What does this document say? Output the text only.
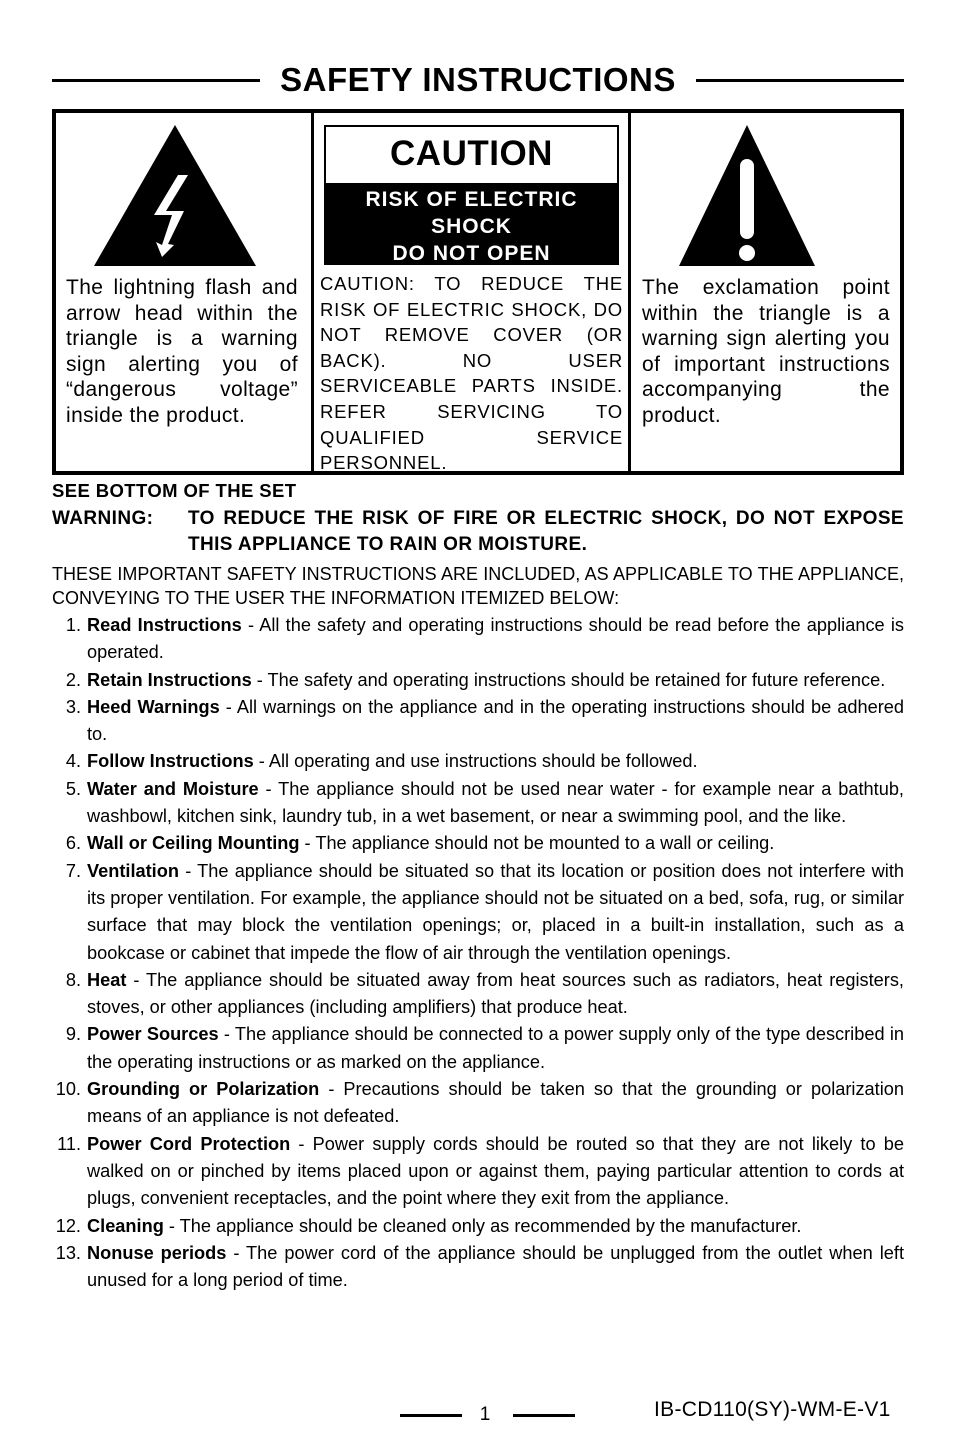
SAFETY INSTRUCTIONS
The lightning flash and arrow head within the triangle is a warning sign alerting you of “dangerous voltage” inside the product.
CAUTION
RISK OF ELECTRIC
SHOCK
DO NOT OPEN
CAUTION: TO REDUCE THE RISK OF ELECTRIC SHOCK, DO NOT REMOVE COVER (OR BACK). NO USER SERVICEABLE PARTS INSIDE. REFER SERVICING TO QUALIFIED SERVICE PERSONNEL.
The exclamation point within the triangle is a warning sign alerting you of important instructions accompanying the product.
SEE BOTTOM OF THE SET
WARNING:	TO REDUCE THE RISK OF FIRE OR ELECTRIC SHOCK, DO NOT EXPOSE THIS APPLIANCE TO RAIN OR MOISTURE.
THESE IMPORTANT SAFETY INSTRUCTIONS ARE INCLUDED, AS APPLICABLE TO THE APPLIANCE, CONVEYING TO THE USER THE INFORMATION ITEMIZED BELOW:
1. Read Instructions - All the safety and operating instructions should be read before the appliance is operated.
2. Retain Instructions - The safety and operating instructions should be retained for future reference.
3. Heed Warnings - All warnings on the appliance and in the operating instructions should be adhered to.
4. Follow Instructions - All operating and use instructions should be followed.
5. Water and Moisture - The appliance should not be used near water - for example near a bathtub, washbowl, kitchen sink, laundry tub, in a wet basement, or near a swimming pool, and the like.
6. Wall or Ceiling Mounting - The appliance should not be mounted to a wall or ceiling.
7. Ventilation - The appliance should be situated so that its location or position does not interfere with its proper ventilation. For example, the appliance should not be situated on a bed, sofa, rug, or similar surface that may block the ventilation openings; or, placed in a built-in installation, such as a bookcase or cabinet that impede the flow of air through the ventilation openings.
8. Heat - The appliance should be situated away from heat sources such as radiators, heat registers, stoves, or other appliances (including amplifiers) that produce heat.
9. Power Sources - The appliance should be connected to a power supply only of the type described in the operating instructions or as marked on the appliance.
10. Grounding or Polarization - Precautions should be taken so that the grounding or polarization means of an appliance is not defeated.
11. Power Cord Protection - Power supply cords should be routed so that they are not likely to be walked on or pinched by items placed upon or against them, paying particular attention to cords at plugs, convenient receptacles, and the point where they exit from the appliance.
12. Cleaning - The appliance should be cleaned only as recommended by the manufacturer.
13. Nonuse periods - The power cord of the appliance should be unplugged from the outlet when left unused for a long period of time.
1	IB-CD110(SY)-WM-E-V1
